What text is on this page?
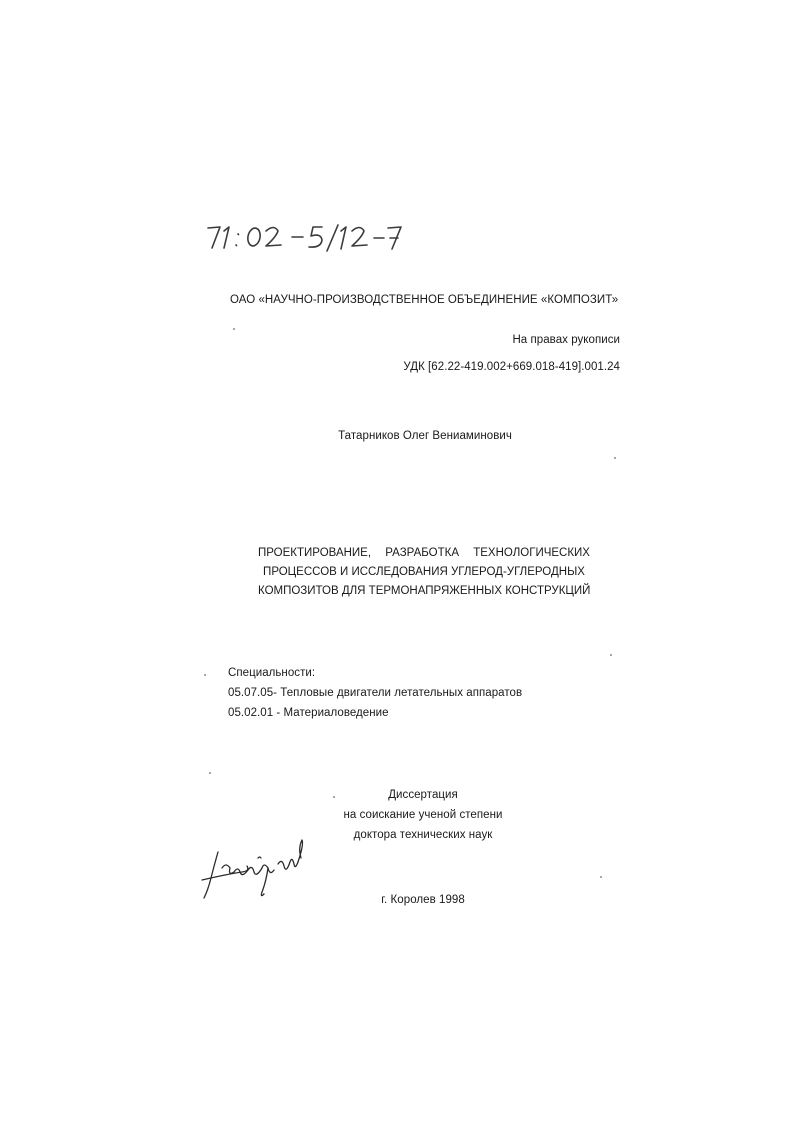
ОАО «НАУЧНО-ПРОИЗВОДСТВЕННОЕ ОБЪЕДИНЕНИЕ «КОМПОЗИТ»
На правах рукописи
УДК [62.22-419.002+669.018-419].001.24
Татарников Олег Вениаминович
ПРОЕКТИРОВАНИЕ, РАЗРАБОТКА ТЕХНОЛОГИЧЕСКИХ
ПРОЦЕССОВ И ИССЛЕДОВАНИЯ УГЛЕРОД-УГЛЕРОДНЫХ
КОМПОЗИТОВ ДЛЯ ТЕРМОНАПРЯЖЕННЫХ КОНСТРУКЦИЙ
Специальности:
05.07.05- Тепловые двигатели летательных аппаратов
05.02.01 - Материаловедение
Диссертация
на соискание ученой степени
доктора технических наук
г. Королев 1998
